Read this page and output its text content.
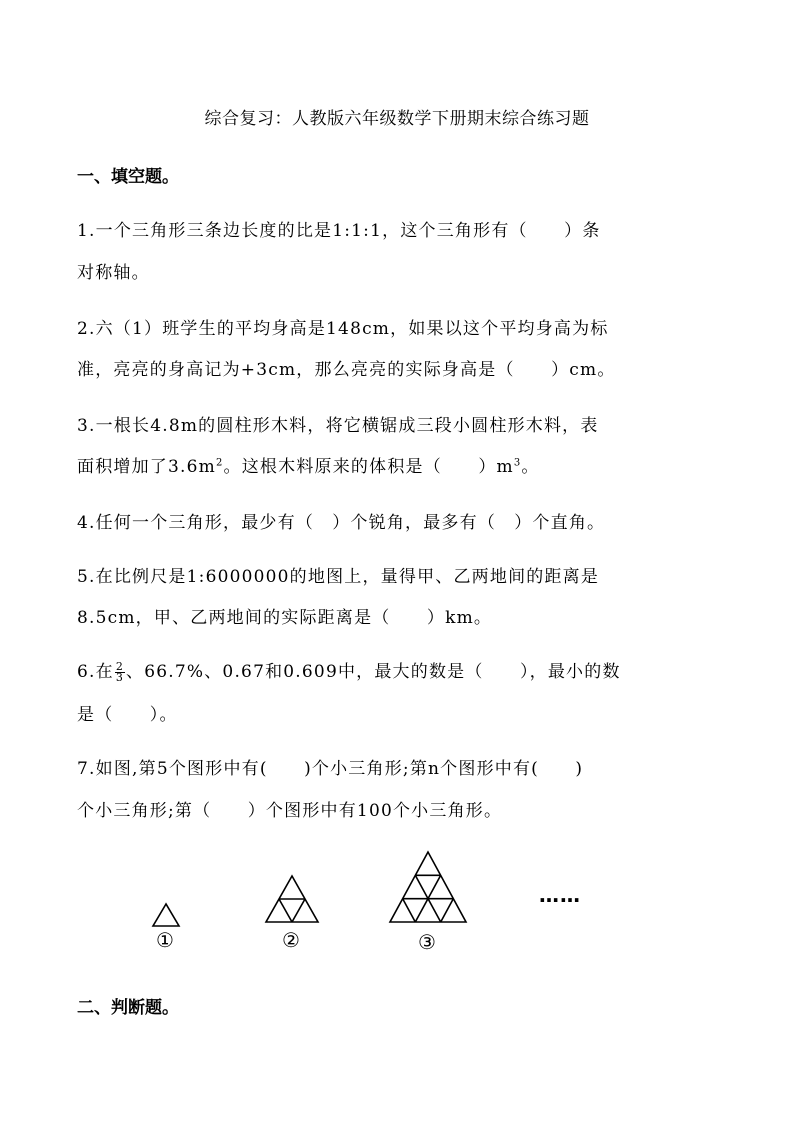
综合复习：人教版六年级数学下册期末综合练习题
一、填空题。
1.一个三角形三条边长度的比是1:1:1，这个三角形有（　　）条
对称轴。
2.六（1）班学生的平均身高是148cm，如果以这个平均身高为标
准，亮亮的身高记为+3cm，那么亮亮的实际身高是（　　）cm。
3.一根长4.8m的圆柱形木料，将它横锯成三段小圆柱形木料，表
面积增加了$3.6m^2$。这根木料原来的体积是（　　）$m^3$。
4.任何一个三角形，最少有（　）个锐角，最多有（　）个直角。
5.在比例尺是1:6000000的地图上，量得甲、乙两地间的距离是
8.5cm，甲、乙两地间的实际距离是（　　）km。
6.在 $\frac{2}{3}$ 、66.7%、0.67和0.609中，最大的数是（　　），最小的数
是（　　）。
7.如图,第5个图形中有(　　)个小三角形;第n个图形中有(　　)
个小三角形;第（　　）个图形中有100个小三角形。
①	②	③
……
二、判断题。
